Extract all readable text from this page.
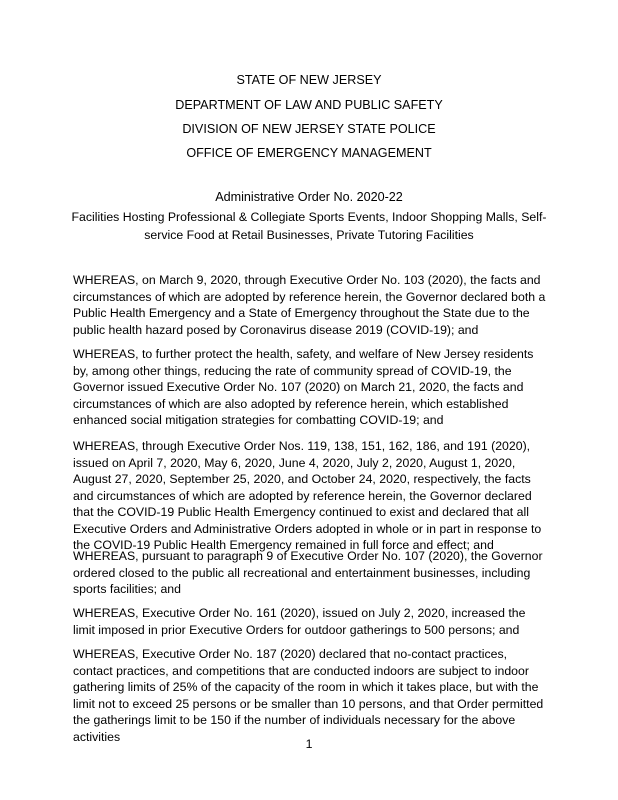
STATE OF NEW JERSEY
DEPARTMENT OF LAW AND PUBLIC SAFETY
DIVISION OF NEW JERSEY STATE POLICE
OFFICE OF EMERGENCY MANAGEMENT
Administrative Order No. 2020-22
Facilities Hosting Professional & Collegiate Sports Events, Indoor Shopping Malls, Self-service Food at Retail Businesses, Private Tutoring Facilities
WHEREAS, on March 9, 2020, through Executive Order No. 103 (2020), the facts and circumstances of which are adopted by reference herein, the Governor declared both a Public Health Emergency and a State of Emergency throughout the State due to the public health hazard posed by Coronavirus disease 2019 (COVID-19); and
WHEREAS, to further protect the health, safety, and welfare of New Jersey residents by, among other things, reducing the rate of community spread of COVID-19, the Governor issued Executive Order No. 107 (2020) on March 21, 2020, the facts and circumstances of which are also adopted by reference herein, which established enhanced social mitigation strategies for combatting COVID-19; and
WHEREAS, through Executive Order Nos. 119, 138, 151, 162, 186, and 191 (2020), issued on April 7, 2020, May 6, 2020, June 4, 2020, July 2, 2020, August 1, 2020, August 27, 2020, September 25, 2020, and October 24, 2020, respectively, the facts and circumstances of which are adopted by reference herein, the Governor declared that the COVID-19 Public Health Emergency continued to exist and declared that all Executive Orders and Administrative Orders adopted in whole or in part in response to the COVID-19 Public Health Emergency remained in full force and effect; and
WHEREAS, pursuant to paragraph 9 of Executive Order No. 107 (2020), the Governor ordered closed to the public all recreational and entertainment businesses, including sports facilities; and
WHEREAS, Executive Order No. 161 (2020), issued on July 2, 2020, increased the limit imposed in prior Executive Orders for outdoor gatherings to 500 persons; and
WHEREAS, Executive Order No. 187 (2020) declared that no-contact practices, contact practices, and competitions that are conducted indoors are subject to indoor gathering limits of 25% of the capacity of the room in which it takes place, but with the limit not to exceed 25 persons or be smaller than 10 persons, and that Order permitted the gatherings limit to be 150 if the number of individuals necessary for the above activities
1
